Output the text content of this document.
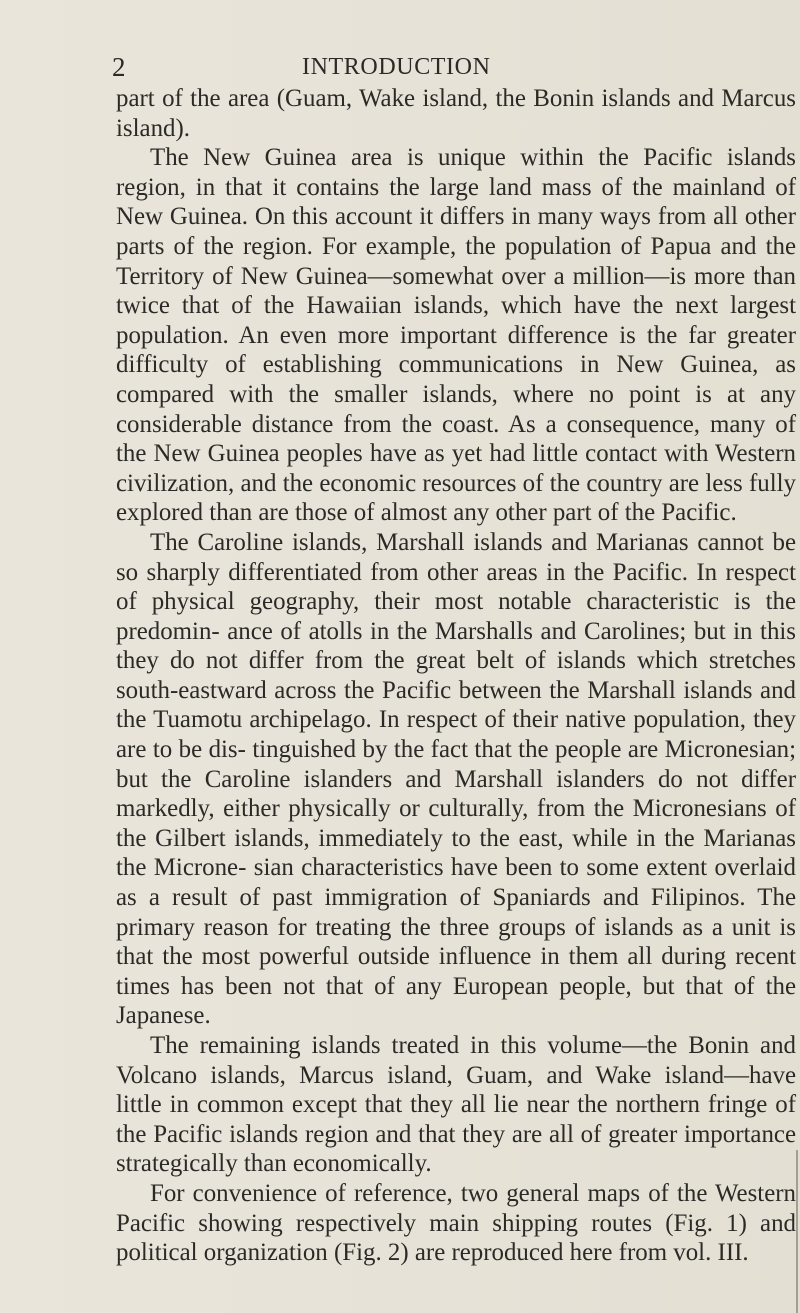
2	INTRODUCTION

part of the area (Guam, Wake island, the Bonin islands and Marcus island).

The New Guinea area is unique within the Pacific islands region, in that it contains the large land mass of the mainland of New Guinea. On this account it differs in many ways from all other parts of the region. For example, the population of Papua and the Territory of New Guinea—somewhat over a million—is more than twice that of the Hawaiian islands, which have the next largest population. An even more important difference is the far greater difficulty of establishing communications in New Guinea, as compared with the smaller islands, where no point is at any considerable distance from the coast. As a consequence, many of the New Guinea peoples have as yet had little contact with Western civilization, and the economic resources of the country are less fully explored than are those of almost any other part of the Pacific.

The Caroline islands, Marshall islands and Marianas cannot be so sharply differentiated from other areas in the Pacific. In respect of physical geography, their most notable characteristic is the predomin- ance of atolls in the Marshalls and Carolines; but in this they do not differ from the great belt of islands which stretches south-eastward across the Pacific between the Marshall islands and the Tuamotu archipelago. In respect of their native population, they are to be dis- tinguished by the fact that the people are Micronesian; but the Caroline islanders and Marshall islanders do not differ markedly, either physically or culturally, from the Micronesians of the Gilbert islands, immediately to the east, while in the Marianas the Microne- sian characteristics have been to some extent overlaid as a result of past immigration of Spaniards and Filipinos. The primary reason for treating the three groups of islands as a unit is that the most powerful outside influence in them all during recent times has been not that of any European people, but that of the Japanese.

The remaining islands treated in this volume—the Bonin and Volcano islands, Marcus island, Guam, and Wake island—have little in common except that they all lie near the northern fringe of the Pacific islands region and that they are all of greater importance strategically than economically.

For convenience of reference, two general maps of the Western Pacific showing respectively main shipping routes (Fig. 1) and political organization (Fig. 2) are reproduced here from vol. III.
